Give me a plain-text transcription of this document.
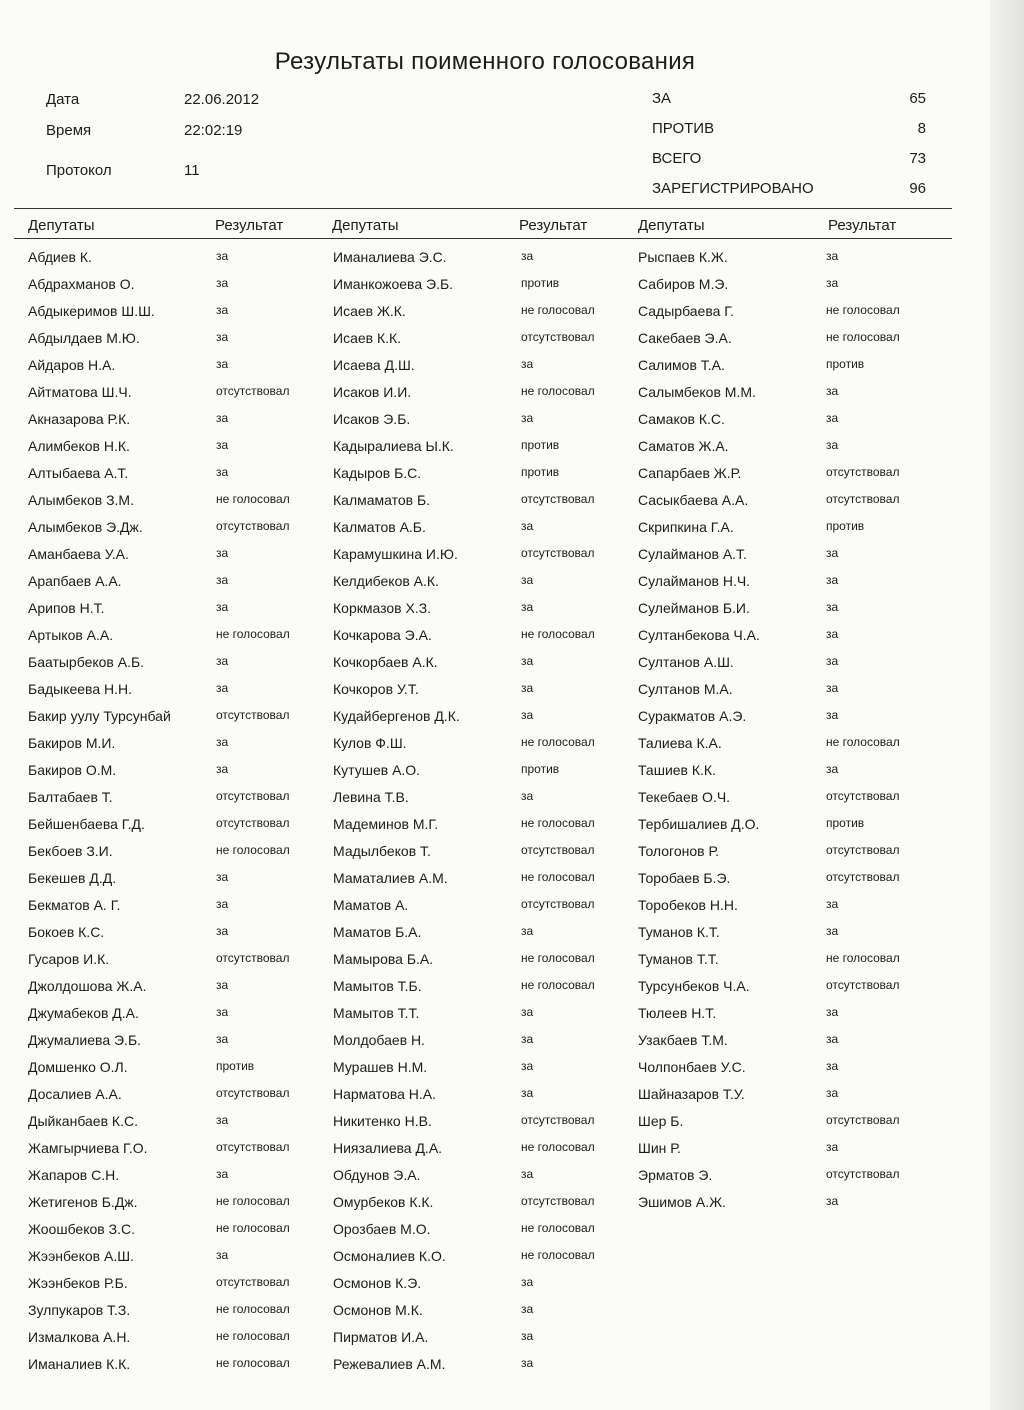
Результаты поименного голосования
Дата	22.06.2012
Время	22:02:19
Протокол	11
ЗА	65
ПРОТИВ	8
ВСЕГО	73
ЗАРЕГИСТРИРОВАНО	96
Депутаты	Результат	Депутаты	Результат	Депутаты	Результат
Абдиев К.	за
Абдрахманов О.	за
Абдыкеримов Ш.Ш.	за
Абдылдаев М.Ю.	за
Айдаров Н.А.	за
Айтматова Ш.Ч.	отсутствовал
Акназарова Р.К.	за
Алимбеков Н.К.	за
Алтыбаева А.Т.	за
Алымбеков З.М.	не голосовал
Алымбеков Э.Дж.	отсутствовал
Аманбаева У.А.	за
Арапбаев А.А.	за
Арипов Н.Т.	за
Артыков А.А.	не голосовал
Баатырбеков А.Б.	за
Бадыкеева Н.Н.	за
Бакир уулу Турсунбай	отсутствовал
Бакиров М.И.	за
Бакиров О.М.	за
Балтабаев Т.	отсутствовал
Бейшенбаева Г.Д.	отсутствовал
Бекбоев З.И.	не голосовал
Бекешев Д.Д.	за
Бекматов А. Г.	за
Бокоев К.С.	за
Гусаров И.К.	отсутствовал
Джолдошова Ж.А.	за
Джумабеков Д.А.	за
Джумалиева Э.Б.	за
Домшенко О.Л.	против
Досалиев А.А.	отсутствовал
Дыйканбаев К.С.	за
Жамгырчиева Г.О.	отсутствовал
Жапаров С.Н.	за
Жетигенов Б.Дж.	не голосовал
Жоошбеков З.С.	не голосовал
Жээнбеков А.Ш.	за
Жээнбеков Р.Б.	отсутствовал
Зулпукаров Т.З.	не голосовал
Измалкова А.Н.	не голосовал
Иманалиев К.К.	не голосовал
Иманалиева Э.С.	за
Иманкожоева Э.Б.	против
Исаев Ж.К.	не голосовал
Исаев К.К.	отсутствовал
Исаева Д.Ш.	за
Исаков И.И.	не голосовал
Исаков Э.Б.	за
Кадыралиева Ы.К.	против
Кадыров Б.С.	против
Калмаматов Б.	отсутствовал
Калматов А.Б.	за
Карамушкина И.Ю.	отсутствовал
Келдибеков А.К.	за
Коркмазов Х.З.	за
Кочкарова Э.А.	не голосовал
Кочкорбаев А.К.	за
Кочкоров У.Т.	за
Кудайбергенов Д.К.	за
Кулов Ф.Ш.	не голосовал
Кутушев А.О.	против
Левина Т.В.	за
Мадеминов М.Г.	не голосовал
Мадылбеков Т.	отсутствовал
Маматалиев А.М.	не голосовал
Маматов А.	отсутствовал
Маматов Б.А.	за
Мамырова Б.А.	не голосовал
Мамытов Т.Б.	не голосовал
Мамытов Т.Т.	за
Молдобаев Н.	за
Мурашев Н.М.	за
Нарматова Н.А.	за
Никитенко Н.В.	отсутствовал
Ниязалиева Д.А.	не голосовал
Обдунов Э.А.	за
Омурбеков К.К.	отсутствовал
Орозбаев М.О.	не голосовал
Осмоналиев К.О.	не голосовал
Осмонов К.Э.	за
Осмонов М.К.	за
Пирматов И.А.	за
Режевалиев А.М.	за
Рыспаев К.Ж.	за
Сабиров М.Э.	за
Садырбаева Г.	не голосовал
Сакебаев Э.А.	не голосовал
Салимов Т.А.	против
Салымбеков М.М.	за
Самаков К.С.	за
Саматов Ж.А.	за
Сапарбаев Ж.Р.	отсутствовал
Сасыкбаева А.А.	отсутствовал
Скрипкина Г.А.	против
Сулайманов А.Т.	за
Сулайманов Н.Ч.	за
Сулейманов Б.И.	за
Султанбекова Ч.А.	за
Султанов А.Ш.	за
Султанов М.А.	за
Суракматов А.Э.	за
Талиева К.А.	не голосовал
Ташиев К.К.	за
Текебаев О.Ч.	отсутствовал
Тербишалиев Д.О.	против
Тологонов Р.	отсутствовал
Торобаев Б.Э.	отсутствовал
Торобеков Н.Н.	за
Туманов К.Т.	за
Туманов Т.Т.	не голосовал
Турсунбеков Ч.А.	отсутствовал
Тюлеев Н.Т.	за
Узакбаев Т.М.	за
Чолпонбаев У.С.	за
Шайназаров Т.У.	за
Шер Б.	отсутствовал
Шин Р.	за
Эрматов Э.	отсутствовал
Эшимов А.Ж.	за
